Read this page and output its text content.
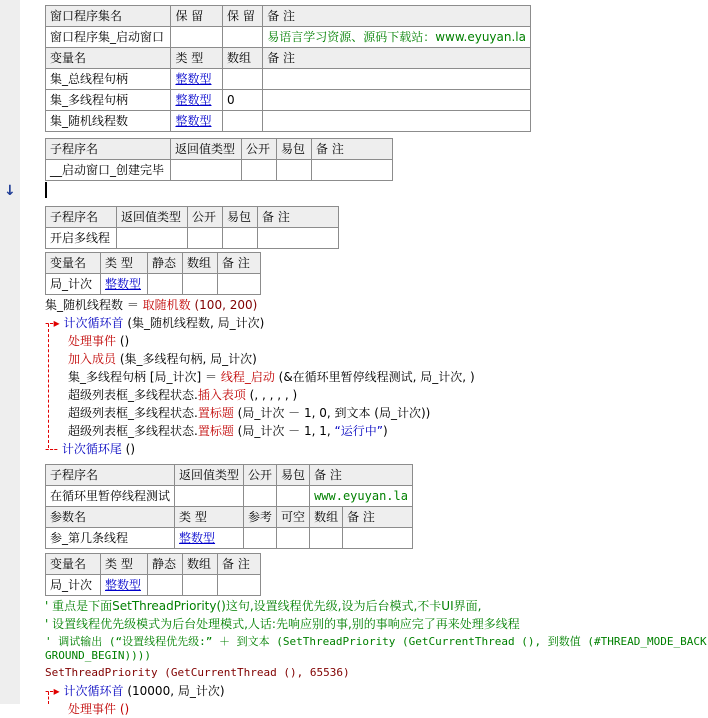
↓
窗口程序集名	保 留	保 留	备 注
窗口程序集_启动窗口			易语言学习资源、源码下载站：www.eyuyan.la
变量名	类 型	数组	备 注
集_总线程句柄	整数型		
集_多线程句柄	整数型	0	
集_随机线程数	整数型		
子程序名	返回值类型	公开	易包	备 注
__启动窗口_创建完毕				
子程序名	返回值类型	公开	易包	备 注
开启多线程				
变量名	类 型	静态	数组	备 注
局_计次	整数型			
集_随机线程数 ＝ 取随机数 (100, 200)
--▸ 计次循环首 (集_随机线程数, 局_计次)
处理事件 ()
加入成员 (集_多线程句柄, 局_计次)
集_多线程句柄 [局_计次] ＝ 线程_启动 (&在循环里暂停线程测试, 局_计次, )
超级列表框_多线程状态.插入表项 (, , , , , )
超级列表框_多线程状态.置标题 (局_计次 － 1, 0, 到文本 (局_计次))
超级列表框_多线程状态.置标题 (局_计次 － 1, 1, “运行中”)
--- 计次循环尾 ()
子程序名	返回值类型	公开	易包	备 注	
在循环里暂停线程测试				www.eyuyan.la	
参数名	类 型	参考	可空	数组	备 注
参_第几条线程	整数型				
变量名	类 型	静态	数组	备 注
局_计次	整数型			
' 重点是下面SetThreadPriority()这句,设置线程优先级,设为后台模式,不卡UI界面,
' 设置线程优先级模式为后台处理模式,人话:先响应别的事,别的事响应完了再来处理多线程
' 调试输出 (“设置线程优先级:” ＋ 到文本 (SetThreadPriority (GetCurrentThread (), 到数值 (#THREAD_MODE_BACK
GROUND_BEGIN))))
SetThreadPriority (GetCurrentThread (), 65536)
--▸ 计次循环首 (10000, 局_计次)
处理事件 ()
